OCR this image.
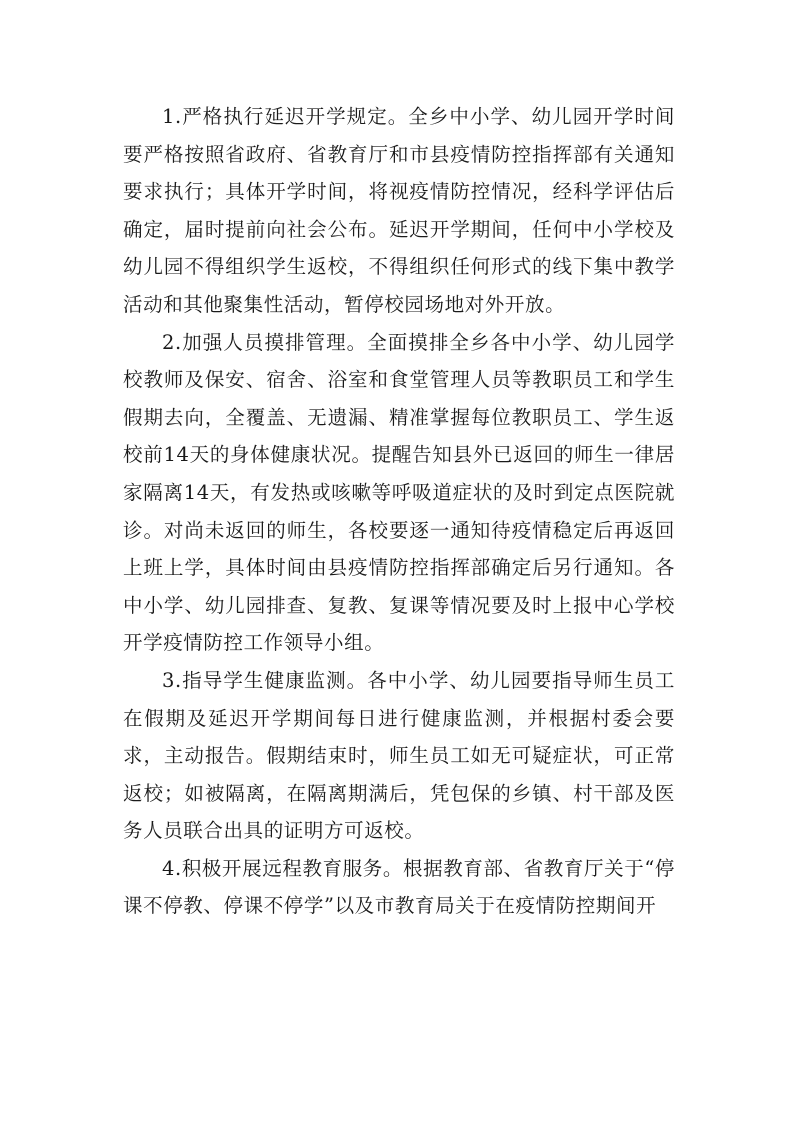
1.严格执行延迟开学规定。全乡中小学、幼儿园开学时间要严格按照省政府、省教育厅和市县疫情防控指挥部有关通知要求执行；具体开学时间，将视疫情防控情况，经科学评估后确定，届时提前向社会公布。延迟开学期间，任何中小学校及幼儿园不得组织学生返校，不得组织任何形式的线下集中教学活动和其他聚集性活动，暂停校园场地对外开放。

2.加强人员摸排管理。全面摸排全乡各中小学、幼儿园学校教师及保安、宿舍、浴室和食堂管理人员等教职员工和学生假期去向，全覆盖、无遗漏、精准掌握每位教职员工、学生返校前14天的身体健康状况。提醒告知县外已返回的师生一律居家隔离14天，有发热或咳嗽等呼吸道症状的及时到定点医院就诊。对尚未返回的师生，各校要逐一通知待疫情稳定后再返回上班上学，具体时间由县疫情防控指挥部确定后另行通知。各中小学、幼儿园排查、复教、复课等情况要及时上报中心学校开学疫情防控工作领导小组。

3.指导学生健康监测。各中小学、幼儿园要指导师生员工在假期及延迟开学期间每日进行健康监测，并根据村委会要求，主动报告。假期结束时，师生员工如无可疑症状，可正常返校；如被隔离，在隔离期满后，凭包保的乡镇、村干部及医务人员联合出具的证明方可返校。

4.积极开展远程教育服务。根据教育部、省教育厅关于“停课不停教、停课不停学”以及市教育局关于在疫情防控期间开
